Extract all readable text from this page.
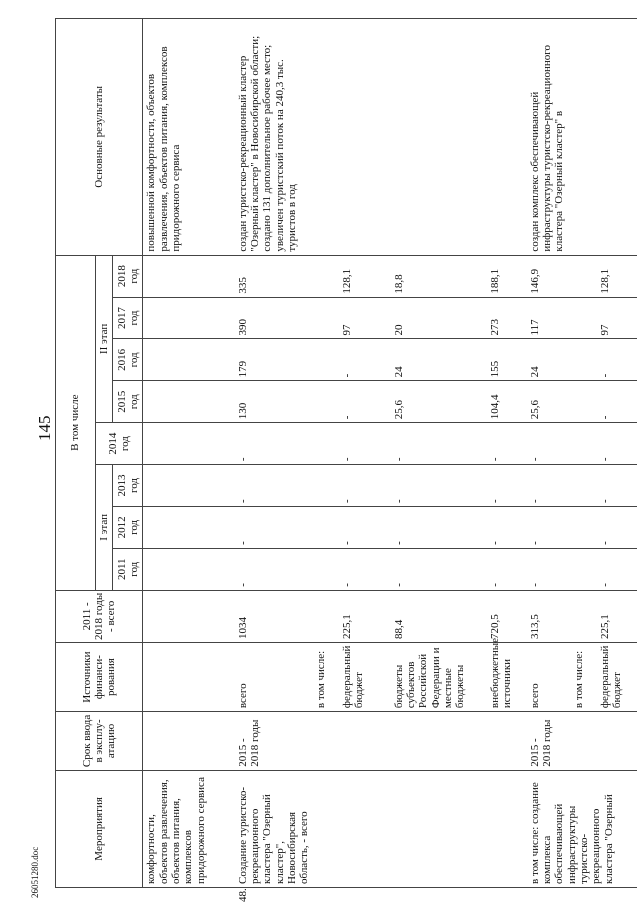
145
26051280.doc
Мероприятия	Срок ввода в эксплу-атацию	Источники финанси-рования	2011 - 2018 годы - всего	В том числе								Основные результаты
				I этап			2014 год	II этап				
				2011 год	2012 год	2013 год		2015 год	2016 год	2017 год	2018 год	

комфортности, объектов развлечения, объектов питания, комплексов придорожного сервиса												повышенной комфортности, объектов развлечения, объектов питания, комплексов придорожного сервиса

48.
Создание туристско-рекреационного кластера "Озерный кластер", Новосибирская область, - всего	2015 - 2018 годы	всего	1034	-	-	-	-	130	179	390	335	создан туристско-рекреационный кластер "Озерный кластер" в Новосибирской области; создано 131 дополнительное рабочее место; увеличен туристский поток на 240,3 тыс. туристов в год
		в том числе:										
		федеральный бюджет	225,1	-	-	-	-	-	-	97	128,1	
		бюджеты субъектов Российской Федерации и местные бюджеты	88,4	-	-	-	-	25,6	24	20	18,8	
		внебюджетные источники	720,5	-	-	-	-	104,4	155	273	188,1	
в том числе: создание комплекса обеспечивающей инфраструктуры туристско-рекреационного кластера "Озерный	2015 - 2018 годы	всего	313,5	-	-	-	-	25,6	24	117	146,9	создан комплекс обеспечивающей инфраструктуры туристско-рекреационного кластера "Озерный кластер" в
		в том числе:										
		федеральный бюджет	225,1	-	-	-	-	-	-	97	128,1	
